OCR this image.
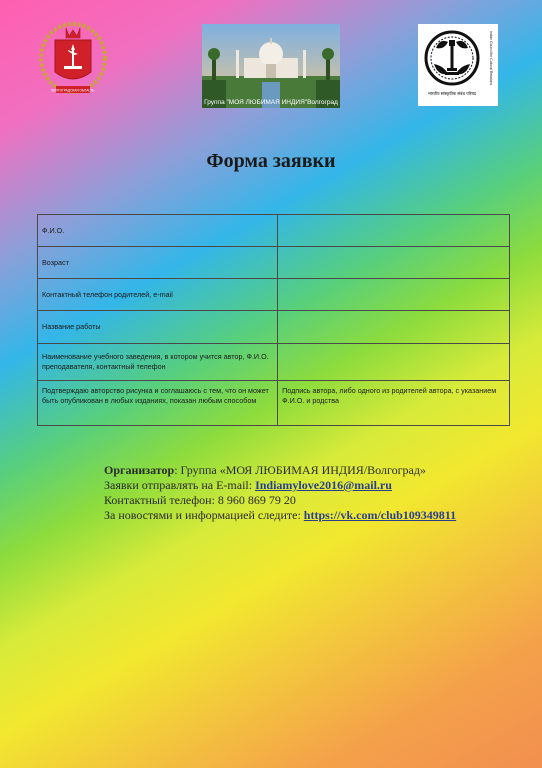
ВОЛГОГРАДСКАЯ ОБЛАСТЬ
Группа "МОЯ ЛЮБИМАЯ ИНДИЯ"Волгоград
भारतीय सांस्कृतिक संबंध परिषद
Indian Council for Cultural Relations
Форма заявки
Ф.И.О.	
Возраст	
Контактный телефон родителей, e-mail	
Название работы	
Наименование учебного заведения, в котором учится автор, Ф.И.О. преподавателя, контактный телефон	
Подтверждаю авторство рисунка и соглашаюсь с тем, что он может быть опубликован в любых изданиях, показан любым способом	Подпись автора, либо одного из родителей автора, с указанием Ф.И.О. и родства
Организатор: Группа «МОЯ ЛЮБИМАЯ ИНДИЯ/Волгоград»
Заявки отправлять на E-mail: Indiamylove2016@mail.ru
Контактный телефон: 8 960 869 79 20
За новостями и информацией следите: https://vk.com/club109349811
